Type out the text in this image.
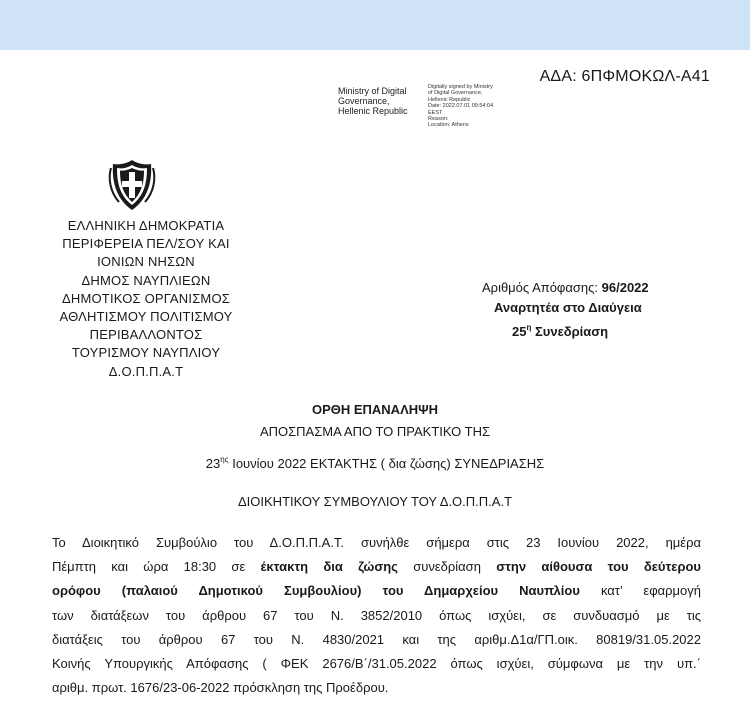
ΑΔΑ: 6ΠΦΜΟΚΩΛ-Α41
Ministry of Digital
Governance,
Hellenic Republic
Digitally signed by Ministry
of Digital Governance,
Hellenic Republic
Date: 2022.07.01 09:54:04
EEST
Reason:
Location: Athens
ΕΛΛΗΝΙΚΗ ΔΗΜΟΚΡΑΤΙΑ
ΠΕΡΙΦΕΡΕΙΑ ΠΕΛ/ΣΟΥ ΚΑΙ
ΙΟΝΙΩΝ ΝΗΣΩΝ
ΔΗΜΟΣ ΝΑΥΠΛΙΕΩΝ
ΔΗΜΟΤΙΚΟΣ ΟΡΓΑΝΙΣΜΟΣ
ΑΘΛΗΤΙΣΜΟΥ ΠΟΛΙΤΙΣΜΟΥ
ΠΕΡΙΒΑΛΛΟΝΤΟΣ
ΤΟΥΡΙΣΜΟΥ ΝΑΥΠΛΙΟΥ
Δ.Ο.Π.Π.Α.Τ
Αριθμός Απόφασης: 96/2022
Αναρτητέα στο Διαύγεια
$25^\eta$ Συνεδρίαση
ΟΡΘΗ ΕΠΑΝΑΛΗΨΗ
ΑΠΟΣΠΑΣΜΑ ΑΠΟ ΤΟ ΠΡΑΚΤΙΚΟ ΤΗΣ
$23^{\eta\varsigma}$ Ιουνίου 2022 ΕΚΤΑΚΤΗΣ ( δια ζώσης) ΣΥΝΕΔΡΙΑΣΗΣ
ΔΙΟΙΚΗΤΙΚΟΥ ΣΥΜΒΟΥΛΙΟΥ ΤΟΥ Δ.Ο.Π.Π.Α.Τ
Το Διοικητικό Συμβούλιο του Δ.Ο.Π.Π.Α.Τ. συνήλθε σήμερα στις 23 Ιουνίου 2022, ημέρα
Πέμπτη και ώρα 18:30 σε έκτακτη δια ζώσης συνεδρίαση στην αίθουσα του δεύτερου
ορόφου (παλαιού Δημοτικού Συμβουλίου) του Δημαρχείου Ναυπλίου κατ’ εφαρμογή
των διατάξεων του άρθρου 67 του Ν. 3852/2010 όπως ισχύει, σε συνδυασμό με τις
διατάξεις του άρθρου 67 του Ν. 4830/2021 και της αριθμ.Δ1α/ΓΠ.οικ. 80819/31.05.2022
Κοινής Υπουργικής Απόφασης ( ΦΕΚ 2676/Β΄/31.05.2022 όπως ισχύει, σύμφωνα με την υπ.΄
αριθμ. πρωτ. 1676/23-06-2022 πρόσκληση της Προέδρου.
